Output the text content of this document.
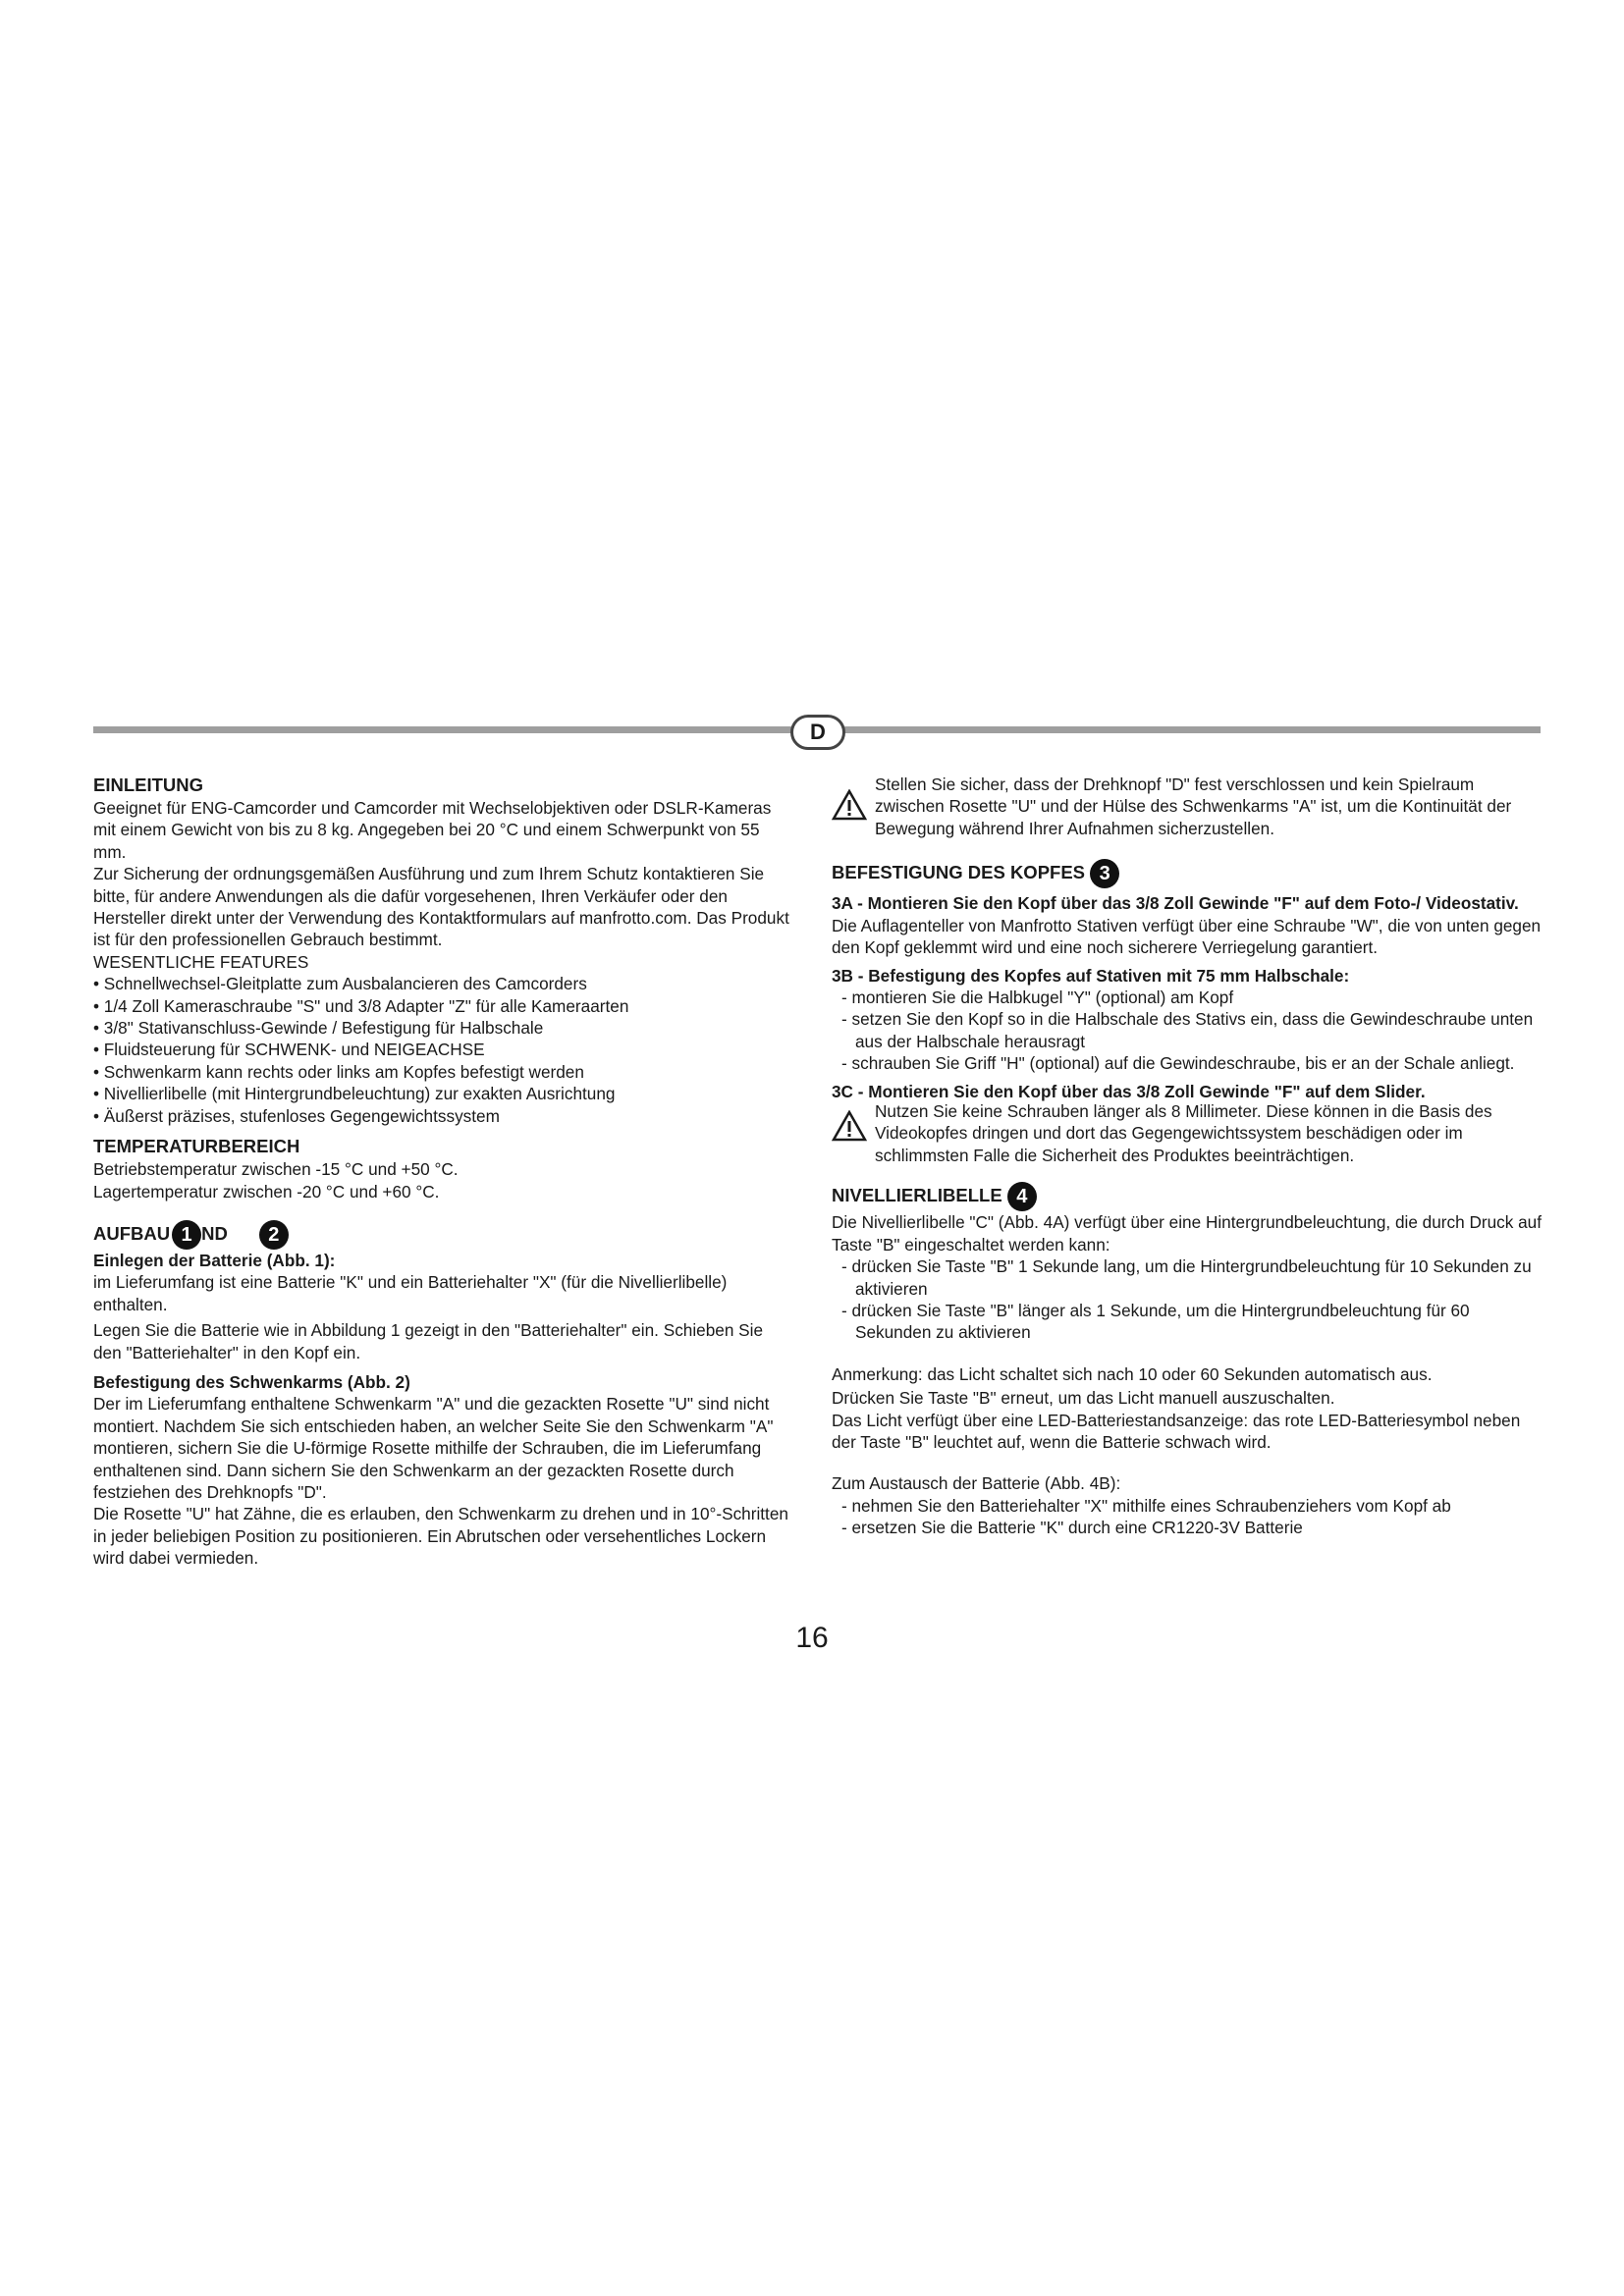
D

EINLEITUNG

Geeignet für ENG-Camcorder und Camcorder mit Wechselobjektiven oder DSLR-Kameras mit einem Gewicht von bis zu 8 kg. Angegeben bei 20 °C und einem Schwerpunkt von 55 mm.

Zur Sicherung der ordnungsgemäßen Ausführung und zum Ihrem Schutz kontaktieren Sie bitte, für andere Anwendungen als die dafür vorgesehenen, Ihren Verkäufer oder den Hersteller direkt unter der Verwendung des Kontaktformulars auf manfrotto.com. Das Produkt ist für den professionellen Gebrauch bestimmt.

WESENTLICHE FEATURES

• Schnellwechsel-Gleitplatte zum Ausbalancieren des Camcorders
• 1/4 Zoll Kameraschraube "S" und 3/8 Adapter "Z" für alle Kameraarten
• 3/8" Stativanschluss-Gewinde / Befestigung für Halbschale
• Fluidsteuerung für SCHWENK- und NEIGEACHSE
• Schwenkarm kann rechts oder links am Kopfes befestigt werden
• Nivellierlibelle (mit Hintergrundbeleuchtung) zur exakten Ausrichtung
• Äußerst präzises, stufenloses Gegengewichtssystem

TEMPERATURBEREICH

Betriebstemperatur zwischen -15 °C und +50 °C.

Lagertemperatur zwischen -20 °C und +60 °C.

AUFBAU 1 ND 2

Einlegen der Batterie (Abb. 1):

im Lieferumfang ist eine Batterie "K" und ein Batteriehalter "X" (für die Nivellierlibelle) enthalten.

Legen Sie die Batterie wie in Abbildung 1 gezeigt in den "Batteriehalter" ein. Schieben Sie den "Batteriehalter" in den Kopf ein.

Befestigung des Schwenkarms (Abb. 2)

Der im Lieferumfang enthaltene Schwenkarm "A" und die gezackten Rosette "U" sind nicht montiert. Nachdem Sie sich entschieden haben, an welcher Seite Sie den Schwenkarm "A" montieren, sichern Sie die U-förmige Rosette mithilfe der Schrauben, die im Lieferumfang enthaltenen sind. Dann sichern Sie den Schwenkarm an der gezackten Rosette durch festziehen des Drehknopfs "D".

Die Rosette "U" hat Zähne, die es erlauben, den Schwenkarm zu drehen und in 10°-Schritten in jeder beliebigen Position zu positionieren. Ein Abrutschen oder versehentliches Lockern wird dabei vermieden.

Stellen Sie sicher, dass der Drehknopf "D" fest verschlossen und kein Spielraum zwischen Rosette "U" und der Hülse des Schwenkarms "A" ist, um die Kontinuität der Bewegung während Ihrer Aufnahmen sicherzustellen.

BEFESTIGUNG DES KOPFES 3

3A - Montieren Sie den Kopf über das 3/8 Zoll Gewinde "F" auf dem Foto-/ Videostativ.

Die Auflagenteller von Manfrotto Stativen verfügt über eine Schraube "W", die von unten gegen den Kopf geklemmt wird und eine noch sicherere Verriegelung garantiert.

3B - Befestigung des Kopfes auf Stativen mit 75 mm Halbschale:

- montieren Sie die Halbkugel "Y" (optional) am Kopf
- setzen Sie den Kopf so in die Halbschale des Stativs ein, dass die Gewindeschraube unten aus der Halbschale herausragt
- schrauben Sie Griff "H" (optional) auf die Gewindeschraube, bis er an der Schale anliegt.

3C - Montieren Sie den Kopf über das 3/8 Zoll Gewinde "F" auf dem Slider.

Nutzen Sie keine Schrauben länger als 8 Millimeter. Diese können in die Basis des Videokopfes dringen und dort das Gegengewichtssystem beschädigen oder im schlimmsten Falle die Sicherheit des Produktes beeinträchtigen.

NIVELLIERLIBELLE 4

Die Nivellierlibelle "C" (Abb. 4A) verfügt über eine Hintergrundbeleuchtung, die durch Druck auf Taste "B" eingeschaltet werden kann:

- drücken Sie Taste "B" 1 Sekunde lang, um die Hintergrundbeleuchtung für 10 Sekunden zu aktivieren
- drücken Sie Taste "B" länger als 1 Sekunde, um die Hintergrundbeleuchtung für 60 Sekunden zu aktivieren

Anmerkung: das Licht schaltet sich nach 10 oder 60 Sekunden automatisch aus.

Drücken Sie Taste "B" erneut, um das Licht manuell auszuschalten.

Das Licht verfügt über eine LED-Batteriestandsanzeige: das rote LED-Batteriesymbol neben der Taste "B" leuchtet auf, wenn die Batterie schwach wird.

Zum Austausch der Batterie (Abb. 4B):

- nehmen Sie den Batteriehalter "X" mithilfe eines Schraubenziehers vom Kopf ab
- ersetzen Sie die Batterie "K" durch eine CR1220-3V Batterie
16
